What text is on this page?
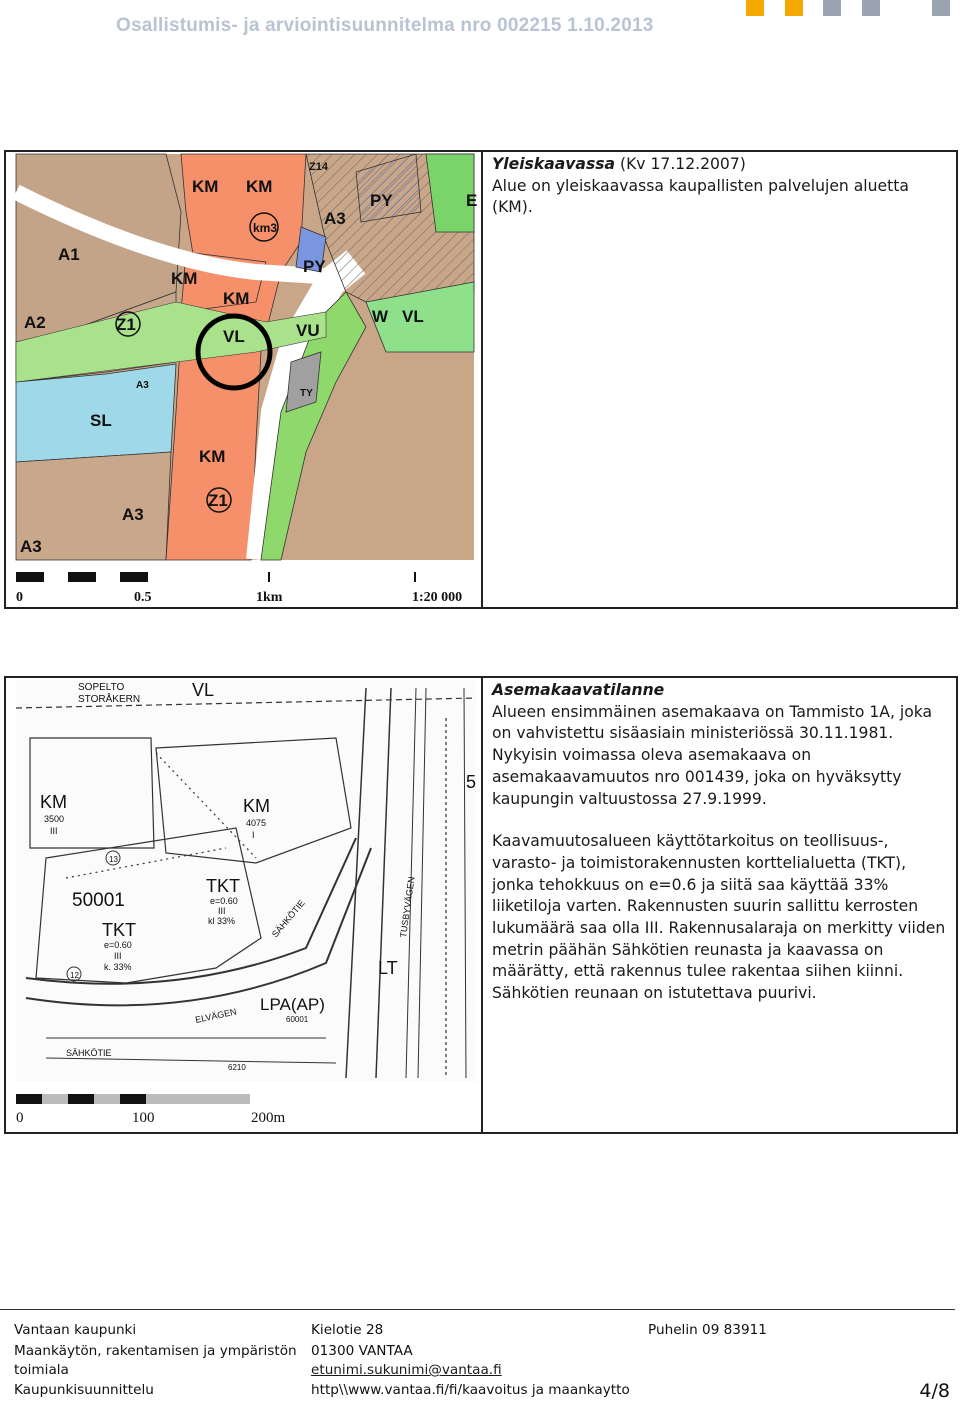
Osallistumis- ja arviointisuunnitelma nro 002215 1.10.2013
KM KM
KM
KM
KM
A1
A2
A3
A3
A3
A3
Z1
Z1
Z14
SL
VL	VU
PY
PY
TY
W VL
km3
E
0	0.5	1km	1:20 000

Yleiskaavassa (Kv 17.12.2007)
Alue on yleiskaavassa kaupallisten palvelujen aluetta (KM).

SOPELTO
STORÅKERN	VL
KM
3500
III
KM
4075
I
50001
TKT
e=0.60
III
k. 33%
TKT
e=0.60
III
kl 33%
LPA(AP)
60001
LT
TUSBYVÄGEN
SÄHKÖTIE
ELVÄGEN
SÄHKÖTIE
6210
12
13
5
0	100	200m

Asemakaavatilanne

Alueen ensimmäinen asemakaava on Tammisto 1A, joka on vahvistettu sisäasiain ministeriössä 30.11.1981. Nykyisin voimassa oleva asemakaava on asemakaavamuutos nro 001439, joka on hyväksytty kaupungin valtuustossa 27.9.1999.

Kaavamuutosalueen käyttötarkoitus on teollisuus-, varasto- ja toimistorakennusten korttelialuetta (TKT), jonka tehokkuus on e=0.6 ja siitä saa käyttää 33% liiketiloja varten. Rakennusten suurin sallittu kerrosten lukumäärä saa olla III. Rakennusalaraja on merkitty viiden metrin päähän Sähkötien reunasta ja kaavassa on määrätty, että rakennus tulee rakentaa siihen kiinni. Sähkötien reunaan on istutettava puurivi.

Vantaan kaupunki
Maankäytön, rakentamisen ja ympäristön
toimiala
Kaupunkisuunnittelu
Kielotie 28
01300 VANTAA
etunimi.sukunimi@vantaa.fi
http\\www.vantaa.fi/fi/kaavoitus ja maankaytto
Puhelin 09 83911
4/8
